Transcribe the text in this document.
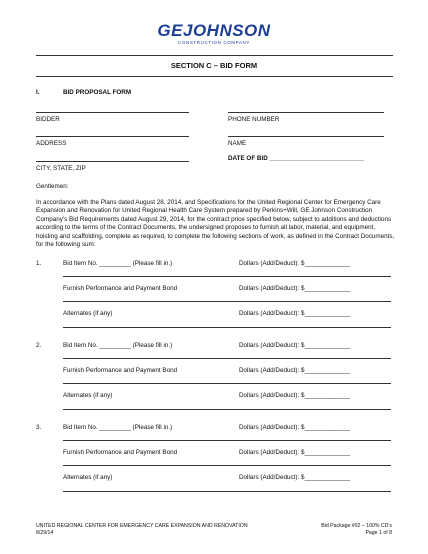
GEJOHNSON
CONSTRUCTION COMPANY
SECTION C – BID FORM
I.	BID PROPOSAL FORM
BIDDER	PHONE NUMBER
ADDRESS	NAME
CITY, STATE, ZIP
DATE OF BID ___________________________
Gentlemen:
In accordance with the Plans dated August 28, 2014, and Specifications for the United Regional Center for Emergency Care Expansion and Renovation for United Regional Health Care System prepared by Perkins+Will, GE Johnson Construction Company's Bid Requirements dated August 29, 2014, for the contract price specified below, subject to additions and deductions according to the terms of the Contract Documents, the undersigned proposes to furnish all labor, material, and equipment, hoisting and scaffolding, complete as required, to complete the following sections of work, as defined in the Contract Documents, for the following sum:
1.	Bid Item No. _________ (Please fill in.)	Dollars (Add/Deduct): $_____________
Furnish Performance and Payment Bond	Dollars (Add/Deduct): $_____________
Alternates (if any)	Dollars (Add/Deduct): $_____________
2.	Bid Item No. _________ (Please fill in.)	Dollars (Add/Deduct): $_____________
Furnish Performance and Payment Bond	Dollars (Add/Deduct): $_____________
Alternates (if any)	Dollars (Add/Deduct): $_____________
3.	Bid Item No. _________ (Please fill in.)	Dollars (Add/Deduct): $_____________
Furnish Performance and Payment Bond	Dollars (Add/Deduct): $_____________
Alternates (if any)	Dollars (Add/Deduct): $_____________
UNITED REGIONAL CENTER FOR EMERGENCY CARE EXPANSION AND RENOVATION
8/29/14
Bid Package #02 – 100% CD's
Page 1 of 8
